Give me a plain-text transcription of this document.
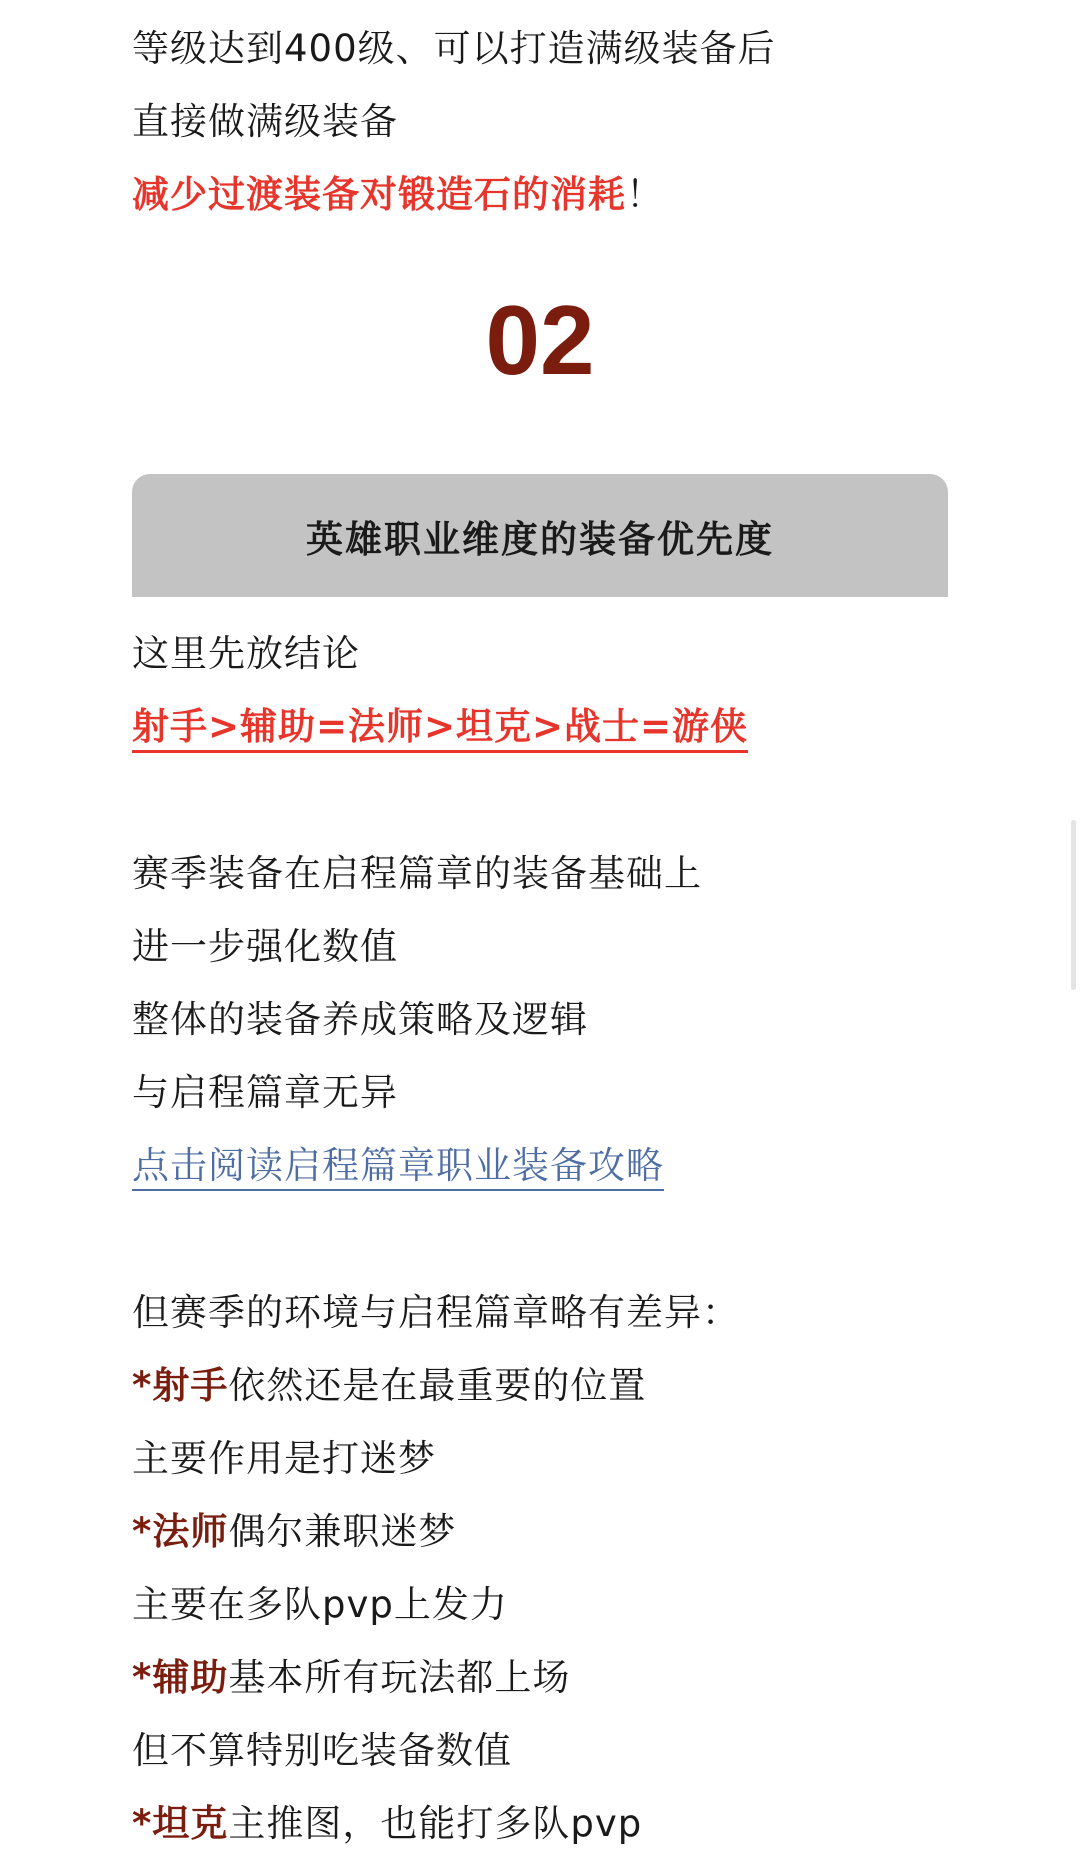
等级达到400级、可以打造满级装备后
直接做满级装备
减少过渡装备对锻造石的消耗！
02
英雄职业维度的装备优先度
这里先放结论
射手>辅助=法师>坦克>战士=游侠
赛季装备在启程篇章的装备基础上
进一步强化数值
整体的装备养成策略及逻辑
与启程篇章无异
点击阅读启程篇章职业装备攻略
但赛季的环境与启程篇章略有差异：
*射手依然还是在最重要的位置
主要作用是打迷梦
*法师偶尔兼职迷梦
主要在多队pvp上发力
*辅助基本所有玩法都上场
但不算特别吃装备数值
*坦克主推图，也能打多队pvp
